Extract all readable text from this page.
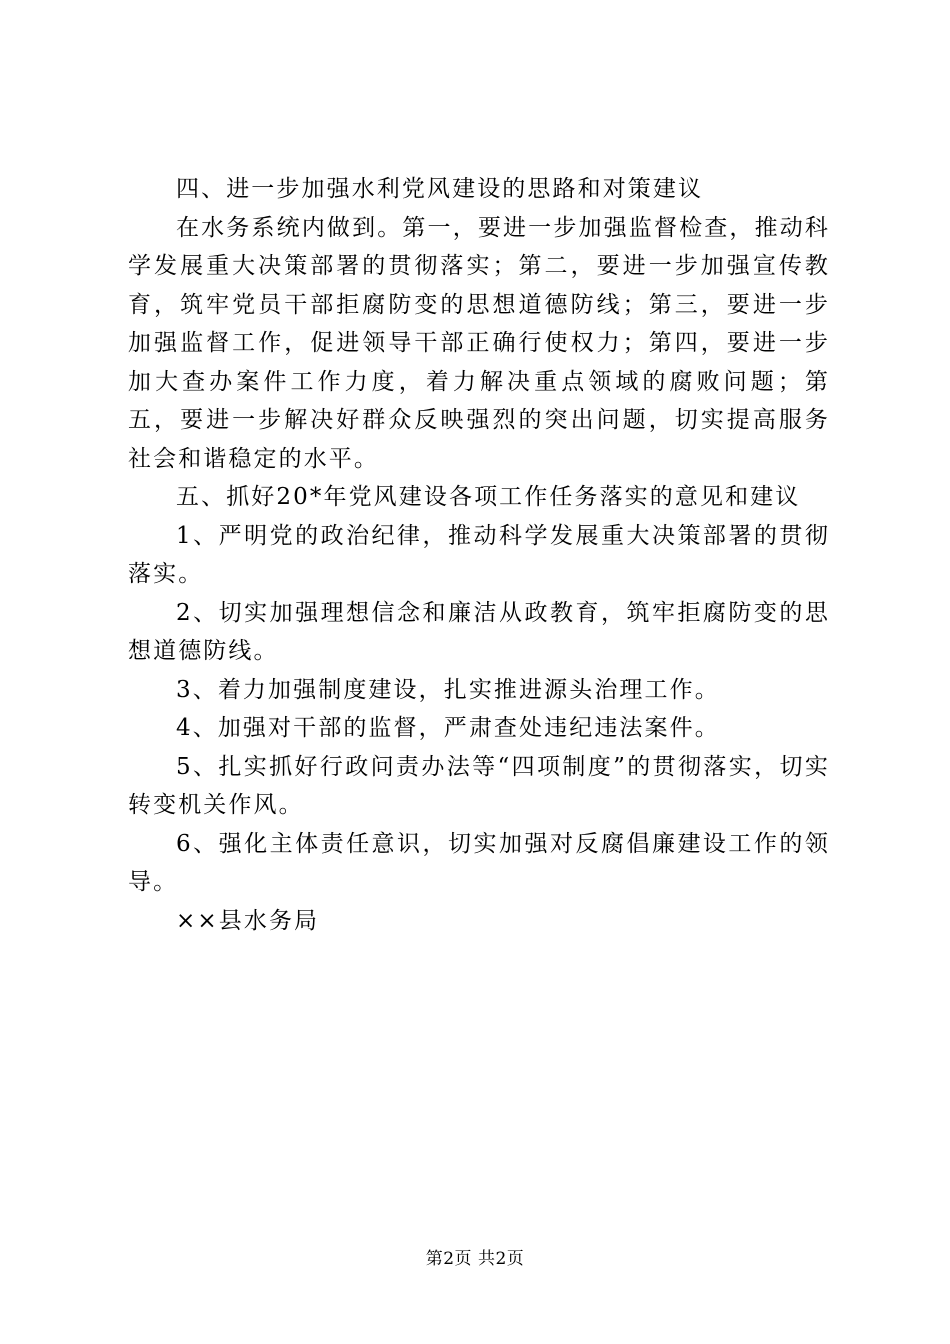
四、进一步加强水利党风建设的思路和对策建议

在水务系统内做到。第一，要进一步加强监督检查，推动科学发展重大决策部署的贯彻落实；第二，要进一步加强宣传教育，筑牢党员干部拒腐防变的思想道德防线；第三，要进一步加强监督工作，促进领导干部正确行使权力；第四，要进一步加大查办案件工作力度，着力解决重点领域的腐败问题；第五，要进一步解决好群众反映强烈的突出问题，切实提高服务社会和谐稳定的水平。

五、抓好20*年党风建设各项工作任务落实的意见和建议

1、严明党的政治纪律，推动科学发展重大决策部署的贯彻落实。

2、切实加强理想信念和廉洁从政教育，筑牢拒腐防变的思想道德防线。

3、着力加强制度建设，扎实推进源头治理工作。

4、加强对干部的监督，严肃查处违纪违法案件。

5、扎实抓好行政问责办法等“四项制度”的贯彻落实，切实转变机关作风。

6、强化主体责任意识，切实加强对反腐倡廉建设工作的领导。

××县水务局

第2页 共2页
